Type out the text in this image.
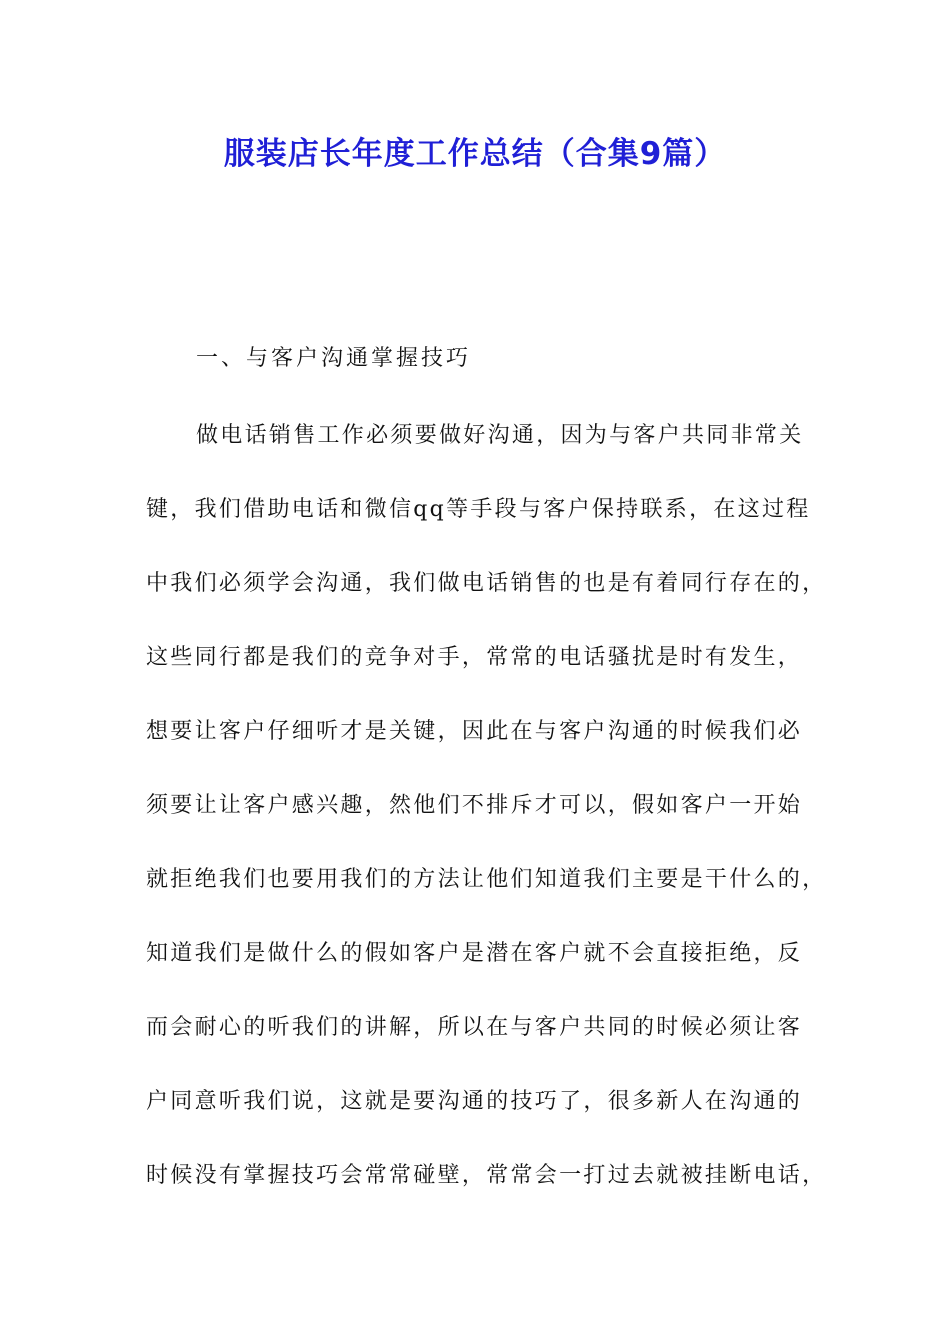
服装店长年度工作总结（合集9篇）
一、与客户沟通掌握技巧
做电话销售工作必须要做好沟通，因为与客户共同非常关
键，我们借助电话和微信qq等手段与客户保持联系，在这过程
中我们必须学会沟通，我们做电话销售的也是有着同行存在的，
这些同行都是我们的竞争对手，常常的电话骚扰是时有发生，
想要让客户仔细听才是关键，因此在与客户沟通的时候我们必
须要让让客户感兴趣，然他们不排斥才可以，假如客户一开始
就拒绝我们也要用我们的方法让他们知道我们主要是干什么的，
知道我们是做什么的假如客户是潜在客户就不会直接拒绝，反
而会耐心的听我们的讲解，所以在与客户共同的时候必须让客
户同意听我们说，这就是要沟通的技巧了，很多新人在沟通的
时候没有掌握技巧会常常碰壁，常常会一打过去就被挂断电话，
